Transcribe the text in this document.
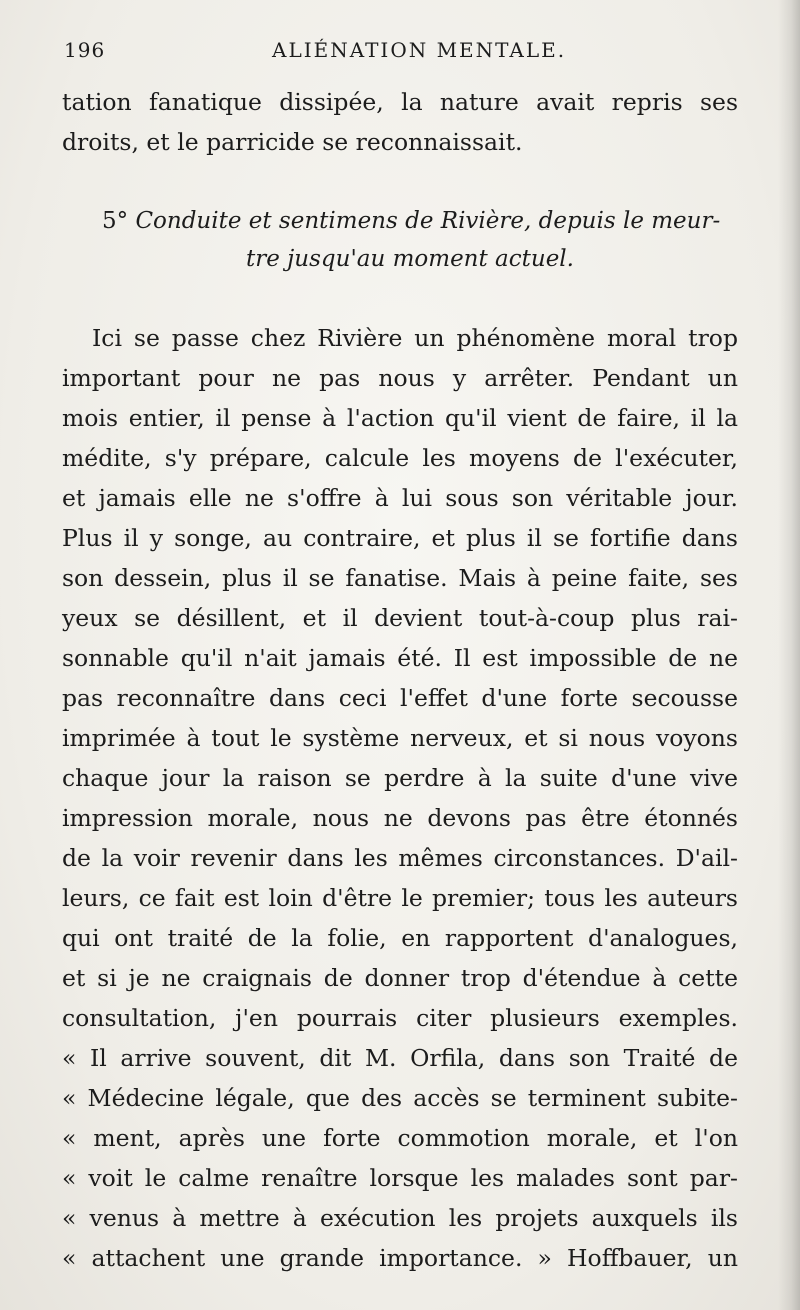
196	ALIÉNATION MENTALE.
tation fanatique dissipée, la nature avait repris ses
droits, et le parricide se reconnaissait.
5° Conduite et sentimens de Rivière, depuis le meur-
tre jusqu'au moment actuel.
Ici se passe chez Rivière un phénomène moral trop
important pour ne pas nous y arrêter. Pendant un
mois entier, il pense à l'action qu'il vient de faire, il la
médite, s'y prépare, calcule les moyens de l'exécuter,
et jamais elle ne s'offre à lui sous son véritable jour.
Plus il y songe, au contraire, et plus il se fortifie dans
son dessein, plus il se fanatise. Mais à peine faite, ses
yeux se désillent, et il devient tout-à-coup plus rai-
sonnable qu'il n'ait jamais été. Il est impossible de ne
pas reconnaître dans ceci l'effet d'une forte secousse
imprimée à tout le système nerveux, et si nous voyons
chaque jour la raison se perdre à la suite d'une vive
impression morale, nous ne devons pas être étonnés
de la voir revenir dans les mêmes circonstances. D'ail-
leurs, ce fait est loin d'être le premier; tous les auteurs
qui ont traité de la folie, en rapportent d'analogues,
et si je ne craignais de donner trop d'étendue à cette
consultation, j'en pourrais citer plusieurs exemples.
« Il arrive souvent, dit M. Orfila, dans son Traité de
« Médecine légale, que des accès se terminent subite-
« ment, après une forte commotion morale, et l'on
« voit le calme renaître lorsque les malades sont par-
« venus à mettre à exécution les projets auxquels ils
« attachent une grande importance. » Hoffbauer, un
